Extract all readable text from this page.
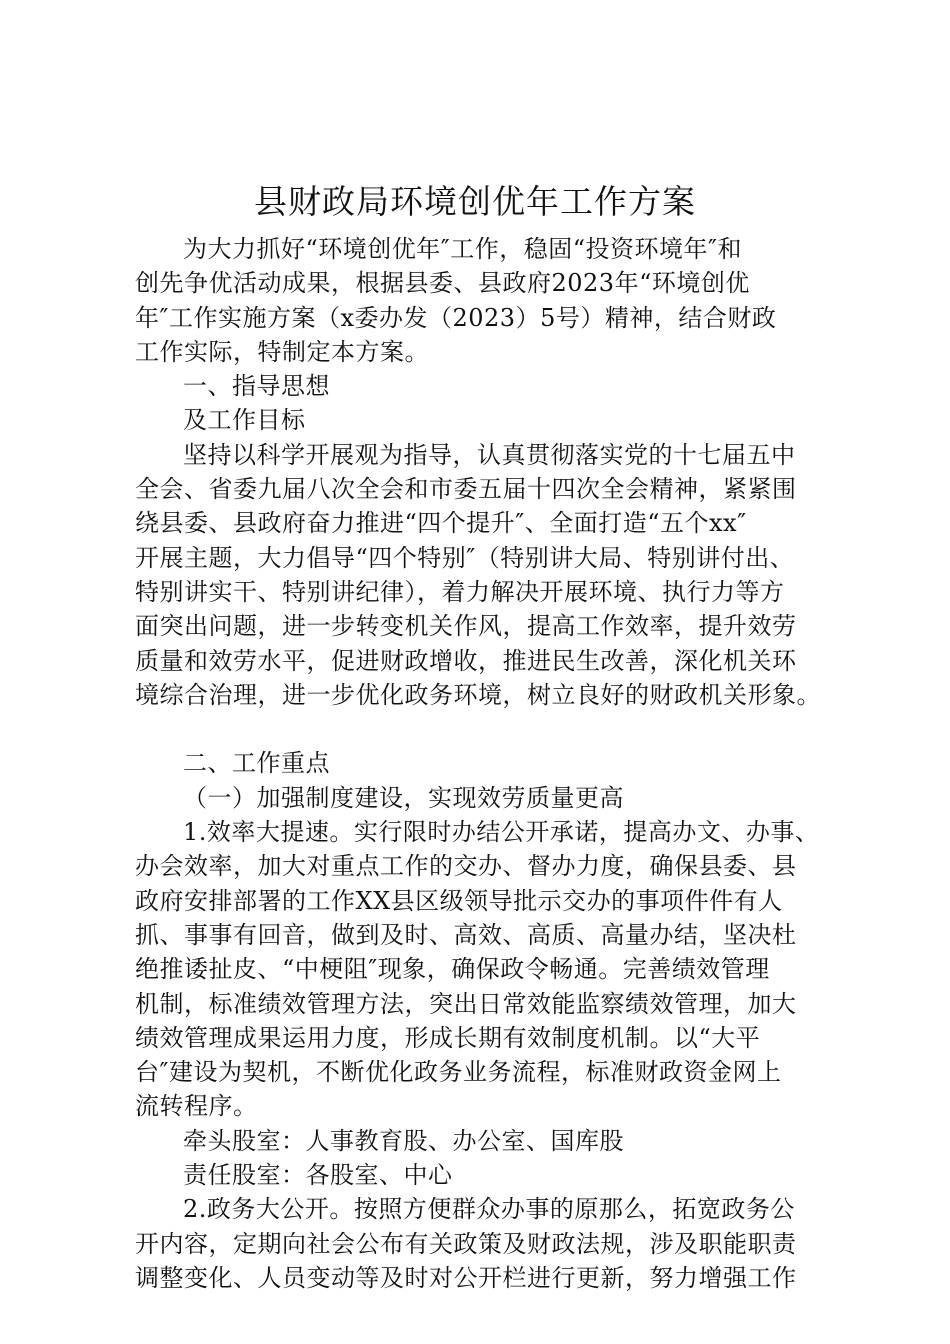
县财政局环境创优年工作方案
为大力抓好“环境创优年″工作，稳固“投资环境年″和
创先争优活动成果，根据县委、县政府2023年“环境创优
年″工作实施方案（x委办发（2023）5号）精神，结合财政
工作实际，特制定本方案。
一、指导思想
及工作目标
坚持以科学开展观为指导，认真贯彻落实党的十七届五中
全会、省委九届八次全会和市委五届十四次全会精神，紧紧围
绕县委、县政府奋力推进“四个提升″、全面打造“五个xx″
开展主题，大力倡导“四个特别″（特别讲大局、特别讲付出、
特别讲实干、特别讲纪律），着力解决开展环境、执行力等方
面突出问题，进一步转变机关作风，提高工作效率，提升效劳
质量和效劳水平，促进财政增收，推进民生改善，深化机关环
境综合治理，进一步优化政务环境，树立良好的财政机关形象。
二、工作重点
（一）加强制度建设，实现效劳质量更高
1.效率大提速。实行限时办结公开承诺，提高办文、办事、
办会效率，加大对重点工作的交办、督办力度，确保县委、县
政府安排部署的工作XX县区级领导批示交办的事项件件有人
抓、事事有回音，做到及时、高效、高质、高量办结，坚决杜
绝推诿扯皮、“中梗阻″现象，确保政令畅通。完善绩效管理
机制，标准绩效管理方法，突出日常效能监察绩效管理，加大
绩效管理成果运用力度，形成长期有效制度机制。以“大平
台″建设为契机，不断优化政务业务流程，标准财政资金网上
流转程序。
牵头股室：人事教育股、办公室、国库股
责任股室：各股室、中心
2.政务大公开。按照方便群众办事的原那么，拓宽政务公
开内容，定期向社会公布有关政策及财政法规，涉及职能职责
调整变化、人员变动等及时对公开栏进行更新，努力增强工作
